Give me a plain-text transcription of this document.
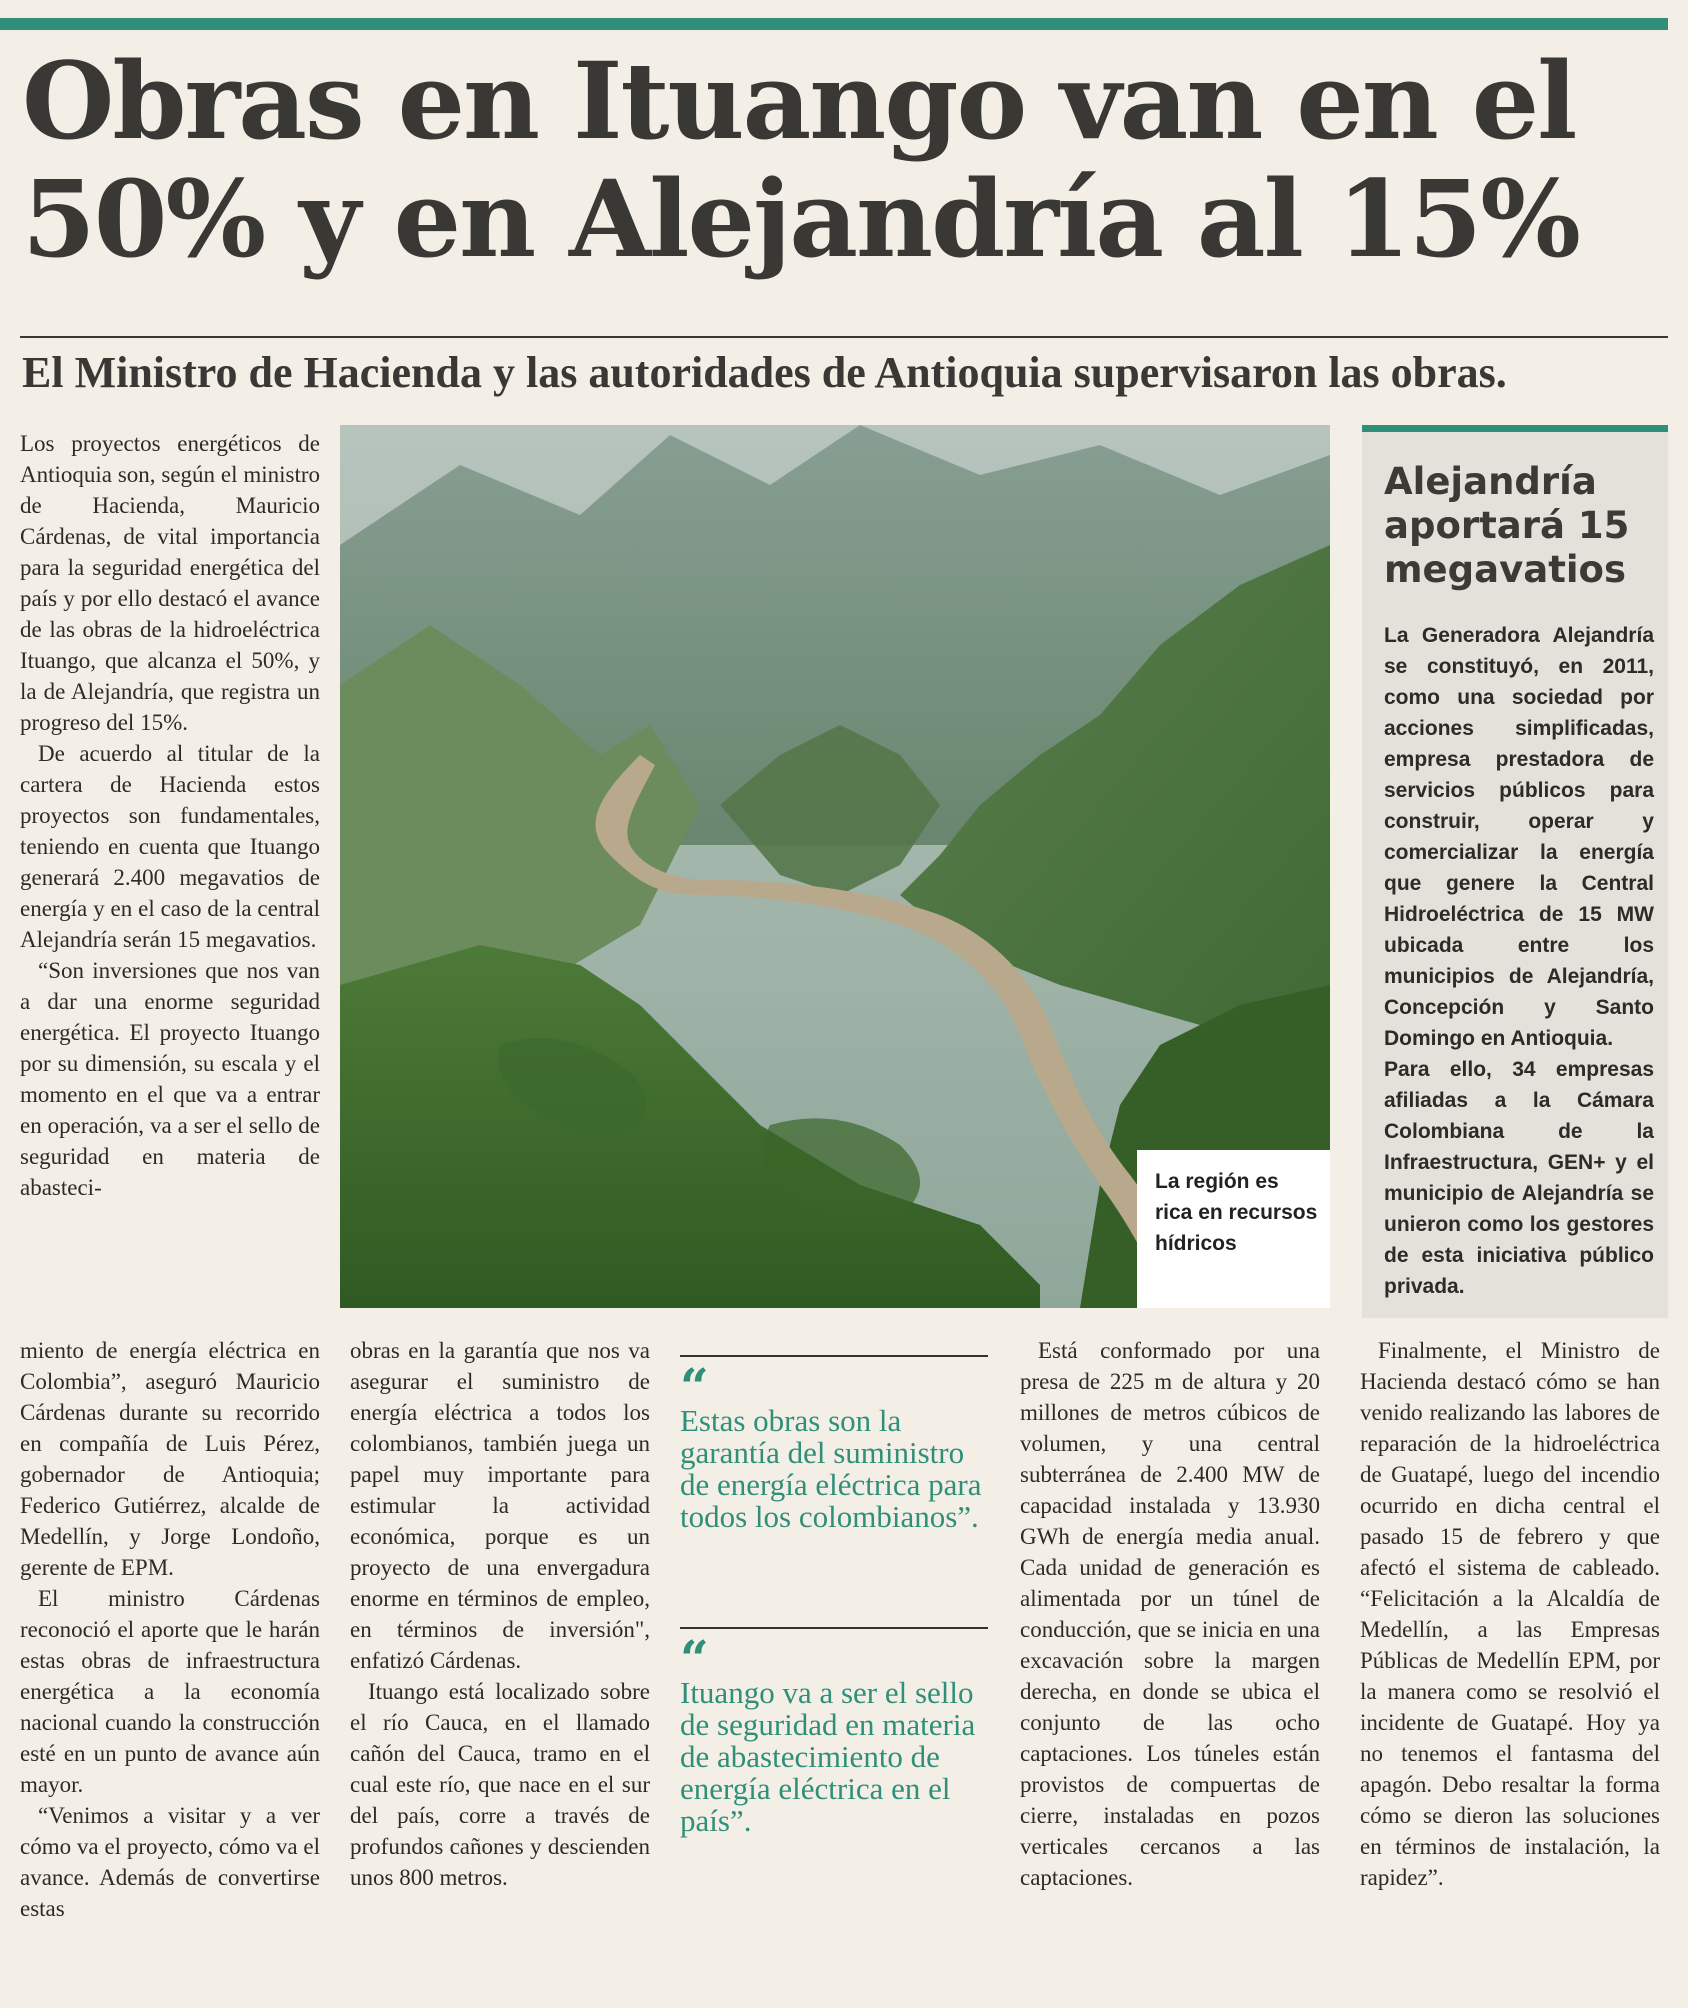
Obras en Ituango van en el 50% y en Alejandría al 15%
El Ministro de Hacienda y las autoridades de Antioquia supervisaron las obras.

Los proyectos energéticos de Antioquia son, según el ministro de Hacienda, Mauricio Cárdenas, de vital importancia para la seguridad energética del país y por ello destacó el avance de las obras de la hidroeléctrica Ituango, que alcanza el 50%, y la de Alejandría, que registra un progreso del 15%.

De acuerdo al titular de la cartera de Hacienda estos proyectos son fundamentales, teniendo en cuenta que Ituango generará 2.400 megavatios de energía y en el caso de la central Alejandría serán 15 megavatios.

“Son inversiones que nos van a dar una enorme seguridad energética. El proyecto Ituango por su dimensión, su escala y el momento en el que va a entrar en operación, va a ser el sello de seguridad en materia de abasteci-	La región es rica en recursos hídricos

Alejandría aportará 15 megavatios

La Generadora Alejandría se constituyó, en 2011, como una sociedad por acciones simplificadas, empresa prestadora de servicios públicos para construir, operar y comercializar la energía que genere la Central Hidroeléctrica de 15 MW ubicada entre los municipios de Alejandría, Concepción y Santo Domingo en Antioquia.

Para ello, 34 empresas afiliadas a la Cámara Colombiana de la Infraestructura, GEN+ y el municipio de Alejandría se unieron como los gestores de esta iniciativa público privada.

miento de energía eléctrica en Colombia”, aseguró Mauricio Cárdenas durante su recorrido en compañía de Luis Pérez, gobernador de Antioquia; Federico Gutiérrez, alcalde de Medellín, y Jorge Londoño, gerente de EPM.

El ministro Cárdenas reconoció el aporte que le harán estas obras de infraestructura energética a la economía nacional cuando la construcción esté en un punto de avance aún mayor.

“Venimos a visitar y a ver cómo va el proyecto, cómo va el avance. Además de convertirse estas

obras en la garantía que nos va asegurar el suministro de energía eléctrica a todos los colombianos, también juega un papel muy importante para estimular la actividad económica, porque es un proyecto de una envergadura enorme en términos de empleo, en términos de inversión", enfatizó Cárdenas.

Ituango está localizado sobre el río Cauca, en el llamado cañón del Cauca, tramo en el cual este río, que nace en el sur del país, corre a través de profundos cañones y descienden unos 800 metros.

“

Estas obras son la garantía del suministro de energía eléctrica para todos los colombianos”.

“

Ituango va a ser el sello de seguridad en materia de abastecimiento de energía eléctrica en el país”.

Está conformado por una presa de 225 m de altura y 20 millones de metros cúbicos de volumen, y una central subterránea de 2.400 MW de capacidad instalada y 13.930 GWh de energía media anual. Cada unidad de generación es alimentada por un túnel de conducción, que se inicia en una excavación sobre la margen derecha, en donde se ubica el conjunto de las ocho captaciones. Los túneles están provistos de compuertas de cierre, instaladas en pozos verticales cercanos a las captaciones.

Finalmente, el Ministro de Hacienda destacó cómo se han venido realizando las labores de reparación de la hidroeléctrica de Guatapé, luego del incendio ocurrido en dicha central el pasado 15 de febrero y que afectó el sistema de cableado. “Felicitación a la Alcaldía de Medellín, a las Empresas Públicas de Medellín EPM, por la manera como se resolvió el incidente de Guatapé. Hoy ya no tenemos el fantasma del apagón. Debo resaltar la forma cómo se dieron las soluciones en términos de instalación, la rapidez”.
